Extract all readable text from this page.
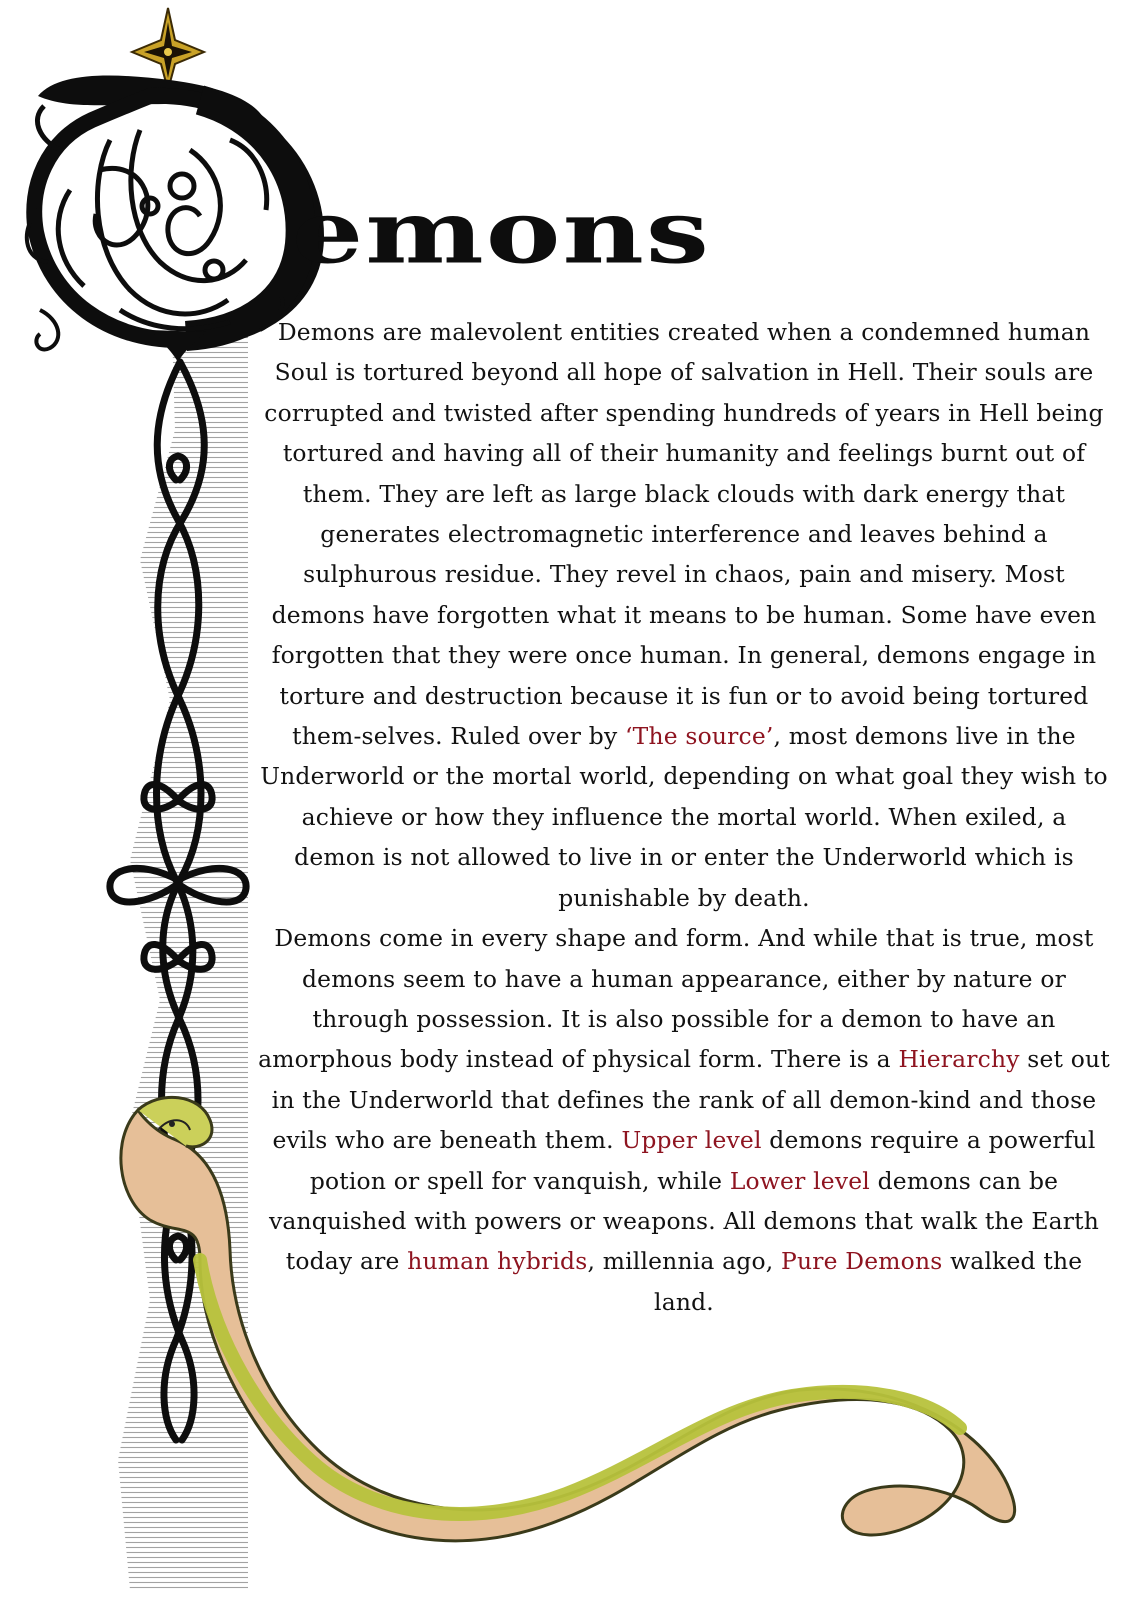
emons

Demons are malevolent entities created when a condemned human Soul is tortured beyond all hope of salvation in Hell. Their souls are corrupted and twisted after spending hundreds of years in Hell being tortured and having all of their humanity and feelings burnt out of them. They are left as large black clouds with dark energy that generates electromagnetic interference and leaves behind a sulphurous residue. They revel in chaos, pain and misery. Most demons have forgotten what it means to be human. Some have even forgotten that they were once human. In general, demons engage in torture and destruction because it is fun or to avoid being tortured them-selves. Ruled over by ‘The source’, most demons live in the Underworld or the mortal world, depending on what goal they wish to achieve or how they influence the mortal world. When exiled, a demon is not allowed to live in or enter the Underworld which is punishable by death.

Demons come in every shape and form. And while that is true, most demons seem to have a human appearance, either by nature or through possession. It is also possible for a demon to have an amorphous body instead of physical form. There is a Hierarchy set out in the Underworld that defines the rank of all demon-kind and those evils who are beneath them. Upper level demons require a powerful potion or spell for vanquish, while Lower level demons can be vanquished with powers or weapons. All demons that walk the Earth today are human hybrids, millennia ago, Pure Demons walked the land.
